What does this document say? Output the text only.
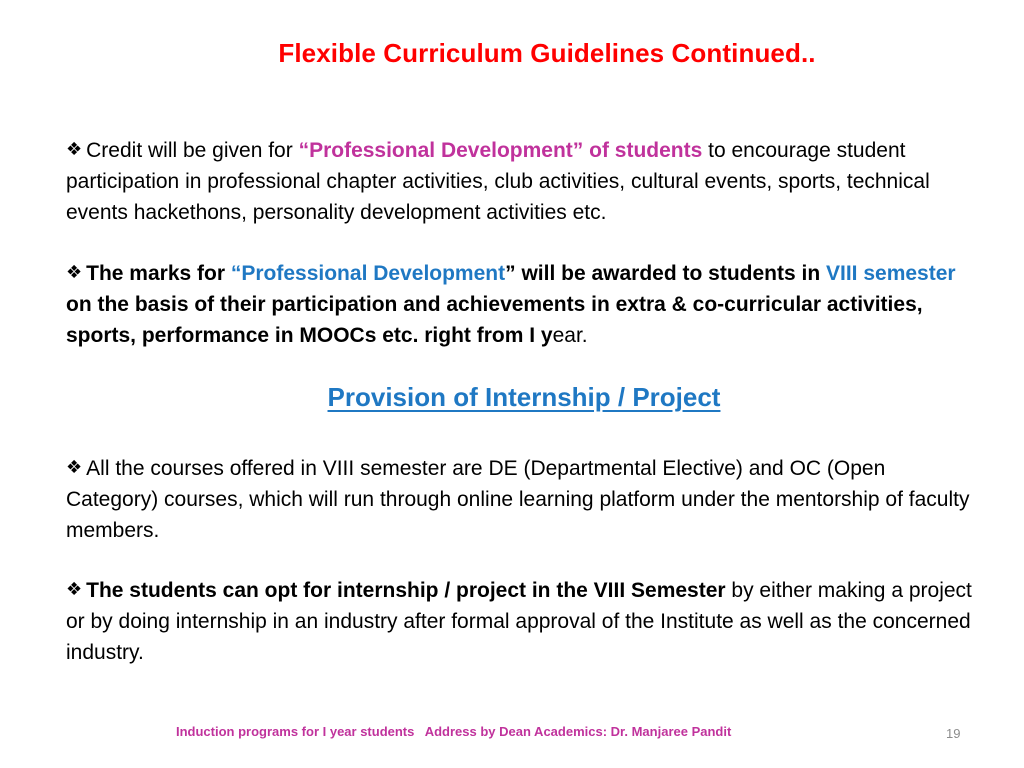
Flexible Curriculum Guidelines Continued..
❖ Credit will be given for “Professional Development” of students to encourage student participation in professional chapter activities, club activities, cultural events, sports, technical events hackethons, personality development activities etc.
❖ The marks for “Professional Development” will be awarded to students in VIII semester on the basis of their participation and achievements in extra & co-curricular activities, sports, performance in MOOCs etc. right from I year.
Provision of Internship / Project
❖ All the courses offered in VIII semester are DE (Departmental Elective) and OC (Open Category) courses, which will run through online learning platform under the mentorship of faculty members.
❖ The students can opt for internship / project in the VIII Semester by either making a project or by doing internship in an industry after formal approval of the Institute as well as the concerned industry.
Induction programs for I year students   Address by Dean Academics: Dr. Manjaree Pandit	19
